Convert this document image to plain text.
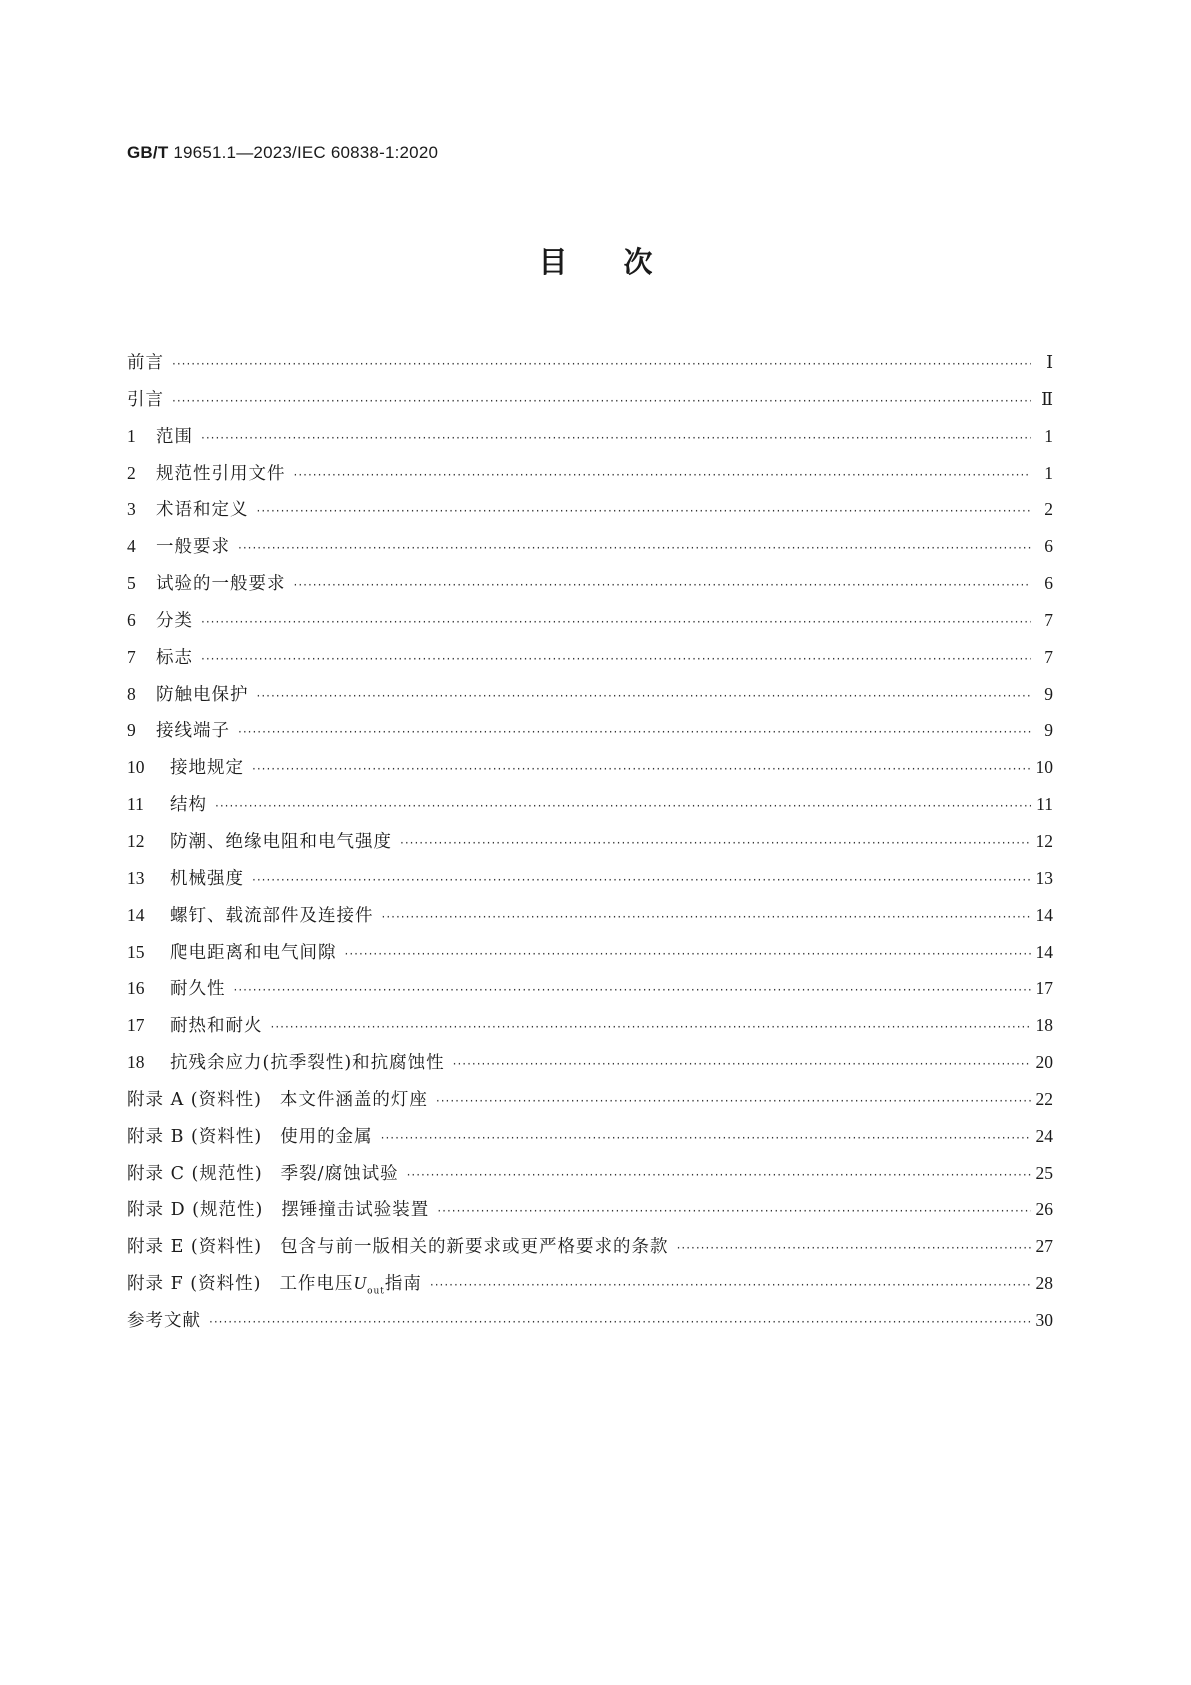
GB/T 19651.1—2023/IEC 60838-1:2020
目 次
前言 ·····	Ⅰ
引言 ·····	Ⅱ
1	范围 ·····	1
2	规范性引用文件 ·····	1
3	术语和定义 ·····	2
4	一般要求 ·····	6
5	试验的一般要求 ·····	6
6	分类 ·····	7
7	标志 ·····	7
8	防触电保护 ·····	9
9	接线端子 ·····	9
10	接地规定 ·····	10
11	结构 ·····	11
12	防潮、绝缘电阻和电气强度 ·····	12
13	机械强度 ·····	13
14	螺钉、载流部件及连接件 ·····	14
15	爬电距离和电气间隙 ·····	14
16	耐久性 ·····	17
17	耐热和耐火 ·····	18
18	抗残余应力(抗季裂性)和抗腐蚀性 ·····	20
附录 A (资料性) 本文件涵盖的灯座 ·····	22
附录 B (资料性) 使用的金属 ·····	24
附录 C (规范性) 季裂/腐蚀试验 ·····	25
附录 D (规范性) 摆锤撞击试验装置 ·····	26
附录 E (资料性) 包含与前一版相关的新要求或更严格要求的条款 ·····	27
附录 F (资料性) 工作电压$U_{out}$指南 ·····	28
参考文献 ·····	30
